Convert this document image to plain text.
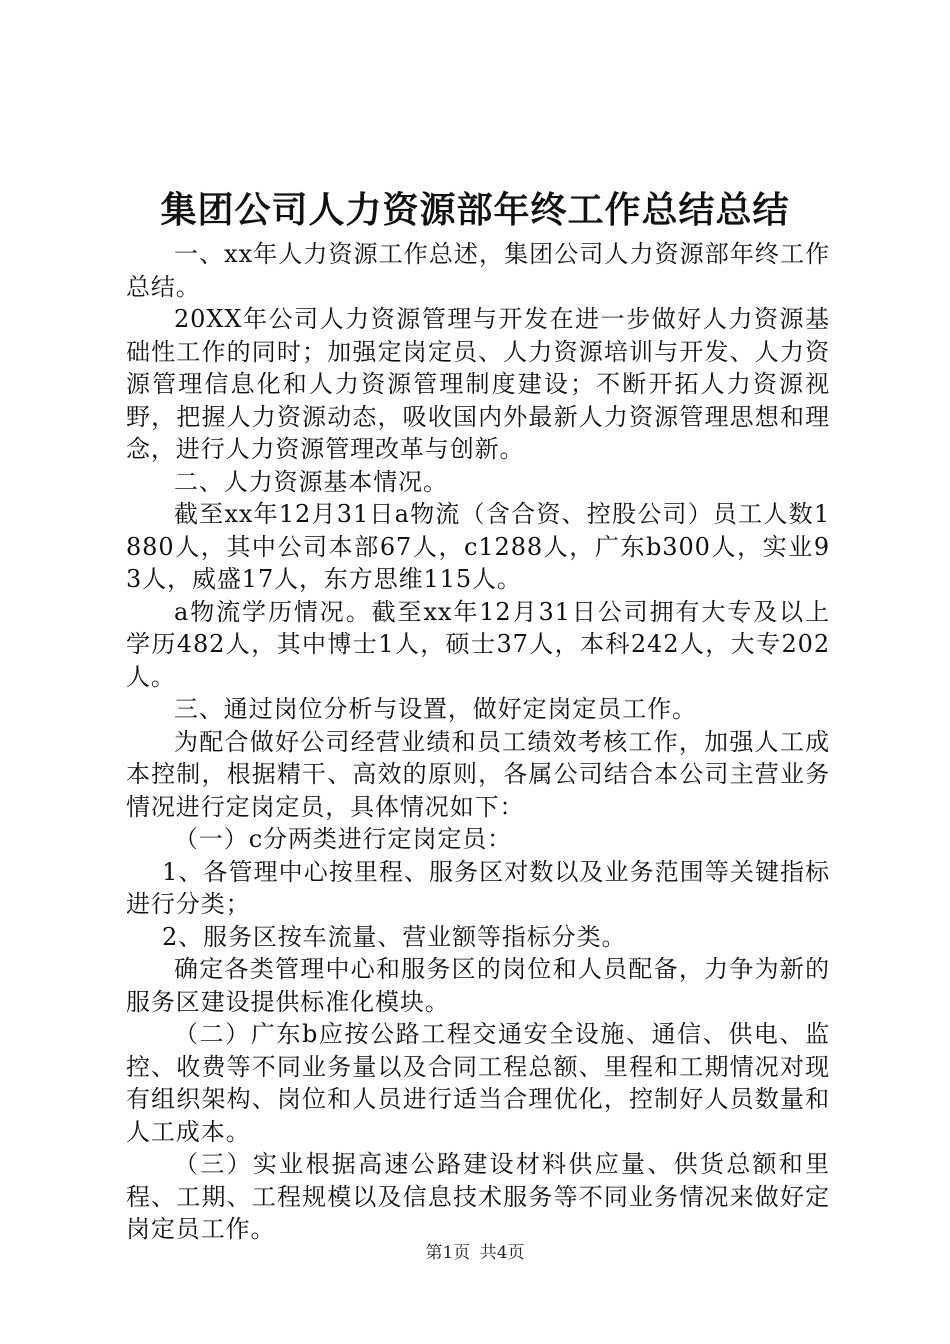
集团公司人力资源部年终工作总结总结

一、xx年人力资源工作总述，集团公司人力资源部年终工作总结。

20XX年公司人力资源管理与开发在进一步做好人力资源基础性工作的同时；加强定岗定员、人力资源培训与开发、人力资源管理信息化和人力资源管理制度建设；不断开拓人力资源视野，把握人力资源动态，吸收国内外最新人力资源管理思想和理念，进行人力资源管理改革与创新。

二、人力资源基本情况。

截至xx年12月31日a物流（含合资、控股公司）员工人数1880人，其中公司本部67人，c1288人，广东b300人，实业93人，威盛17人，东方思维115人。

a物流学历情况。截至xx年12月31日公司拥有大专及以上学历482人，其中博士1人，硕士37人，本科242人，大专202人。

三、通过岗位分析与设置，做好定岗定员工作。

为配合做好公司经营业绩和员工绩效考核工作，加强人工成本控制，根据精干、高效的原则，各属公司结合本公司主营业务情况进行定岗定员，具体情况如下：

（一）c分两类进行定岗定员：

1、各管理中心按里程、服务区对数以及业务范围等关键指标进行分类；

2、服务区按车流量、营业额等指标分类。

确定各类管理中心和服务区的岗位和人员配备，力争为新的服务区建设提供标准化模块。

（二）广东b应按公路工程交通安全设施、通信、供电、监控、收费等不同业务量以及合同工程总额、里程和工期情况对现有组织架构、岗位和人员进行适当合理优化，控制好人员数量和人工成本。

（三）实业根据高速公路建设材料供应量、供货总额和里程、工期、工程规模以及信息技术服务等不同业务情况来做好定岗定员工作。

第1页 共4页
